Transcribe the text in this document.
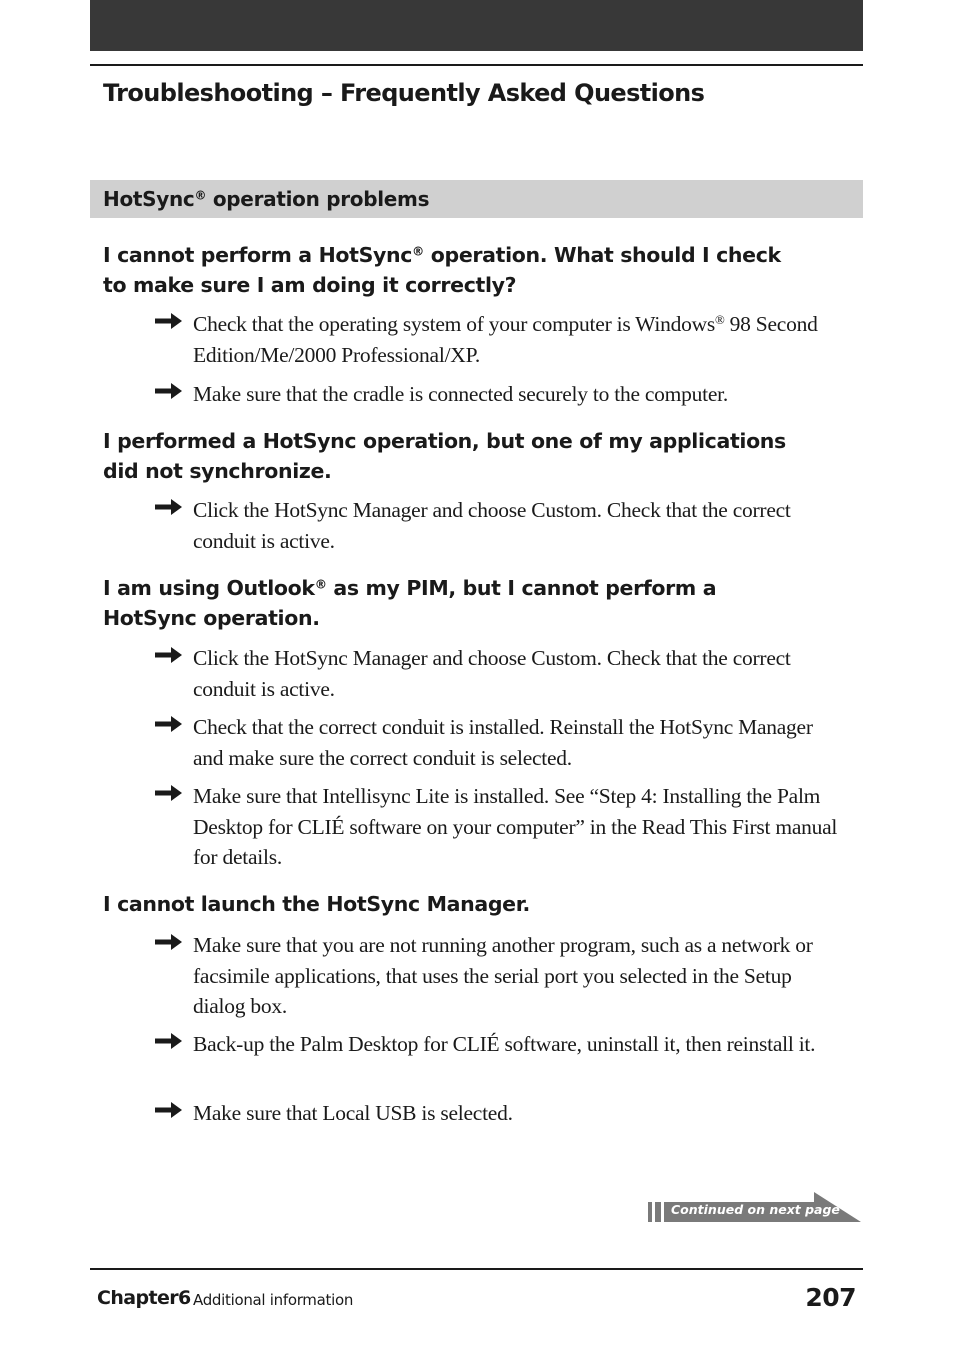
Troubleshooting – Frequently Asked Questions
HotSync® operation problems
I cannot perform a HotSync® operation. What should I check to make sure I am doing it correctly?
Check that the operating system of your computer is Windows® 98 Second Edition/Me/2000 Professional/XP.
Make sure that the cradle is connected securely to the computer.
I performed a HotSync operation, but one of my applications did not synchronize.
Click the HotSync Manager and choose Custom. Check that the correct conduit is active.
I am using Outlook® as my PIM, but I cannot perform a HotSync operation.
Click the HotSync Manager and choose Custom. Check that the correct conduit is active.
Check that the correct conduit is installed. Reinstall the HotSync Manager and make sure the correct conduit is selected.
Make sure that Intellisync Lite is installed. See “Step 4: Installing the Palm Desktop for CLIÉ software on your computer” in the Read This First manual for details.
I cannot launch the HotSync Manager.
Make sure that you are not running another program, such as a network or facsimile applications, that uses the serial port you selected in the Setup dialog box.
Back-up the Palm Desktop for CLIÉ software, uninstall it, then reinstall it.
Make sure that Local USB is selected.
Continued on next page
Chapter6 Additional information	207
